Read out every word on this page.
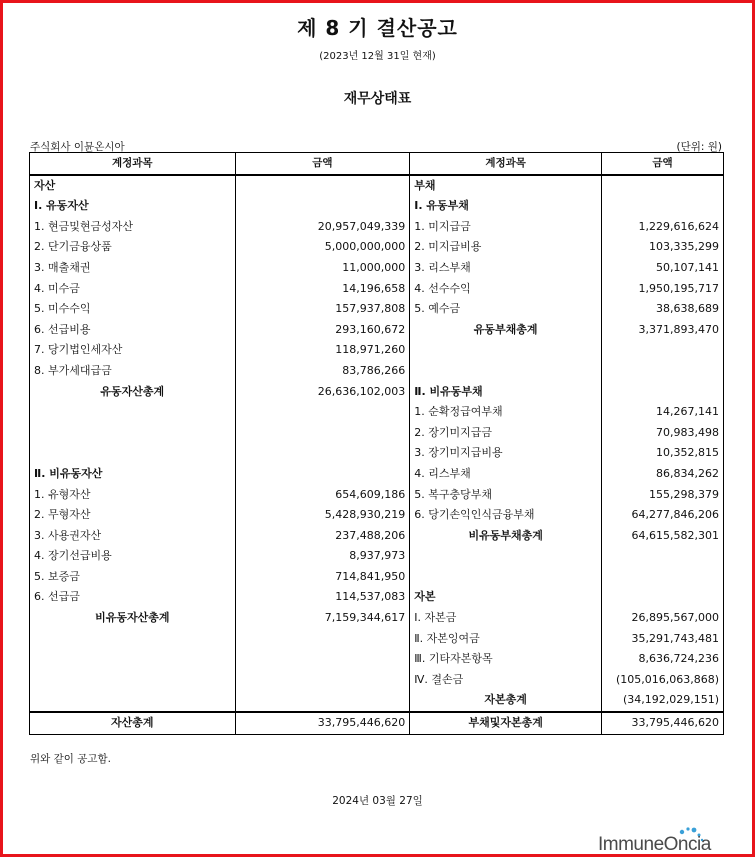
제 8 기 결산공고
(2023년 12월 31일 현재)
재무상태표
주식회사 이뮨온시아	(단위: 원)
계정과목	금액	계정과목	금액
자산		부채	
Ⅰ. 유동자산		Ⅰ. 유동부채	
1. 현금및현금성자산	20,957,049,339	1. 미지급금	1,229,616,624
2. 단기금융상품	5,000,000,000	2. 미지급비용	103,335,299
3. 매출채권	11,000,000	3. 리스부채	50,107,141
4. 미수금	14,196,658	4. 선수수익	1,950,195,717
5. 미수수익	157,937,808	5. 예수금	38,638,689
6. 선급비용	293,160,672	유동부채총계	3,371,893,470
7. 당기법인세자산	118,971,260		
8. 부가세대급금	83,786,266		
유동자산총계	26,636,102,003	Ⅱ. 비유동부채	
		1. 순확정급여부채	14,267,141
		2. 장기미지급금	70,983,498
		3. 장기미지급비용	10,352,815
Ⅱ. 비유동자산		4. 리스부채	86,834,262
1. 유형자산	654,609,186	5. 복구충당부채	155,298,379
2. 무형자산	5,428,930,219	6. 당기손익인식금융부채	64,277,846,206
3. 사용권자산	237,488,206	비유동부채총계	64,615,582,301
4. 장기선급비용	8,937,973		
5. 보증금	714,841,950		
6. 선급금	114,537,083	자본	
비유동자산총계	7,159,344,617	Ⅰ. 자본금	26,895,567,000
		Ⅱ. 자본잉여금	35,291,743,481
		Ⅲ. 기타자본항목	8,636,724,236
		Ⅳ. 결손금	(105,016,063,868)
		자본총계	(34,192,029,151)
자산총계	33,795,446,620	부채및자본총계	33,795,446,620
위와 같이 공고함.
2024년 03월 27일
ImmuneOncia
